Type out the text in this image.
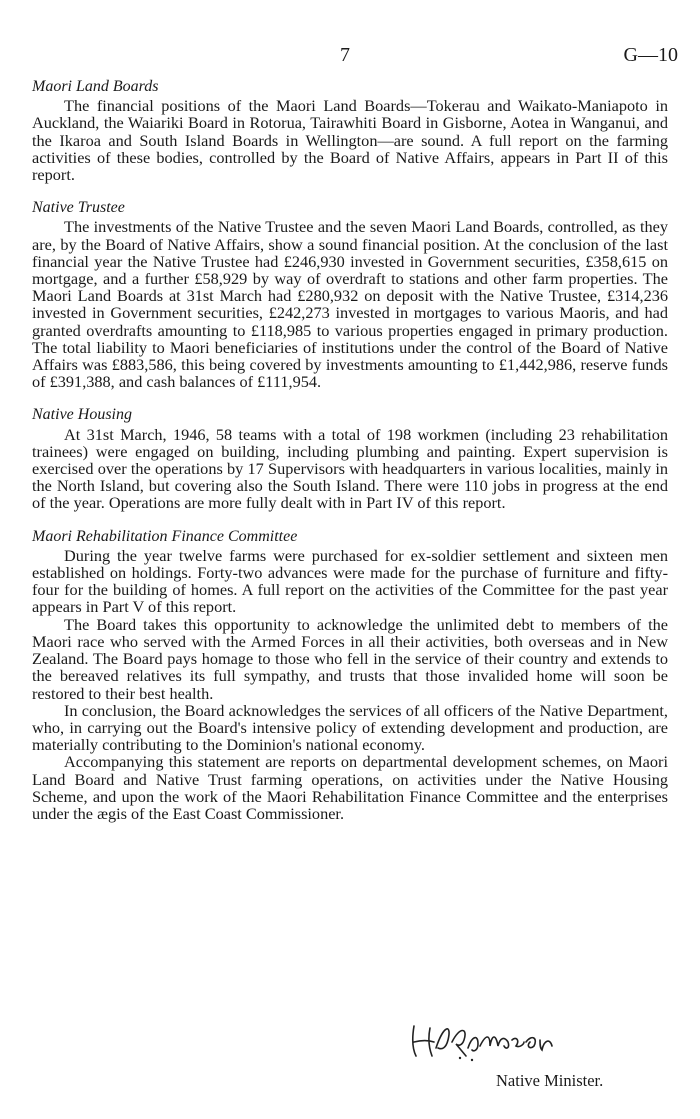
7	G—10

Maori Land Boards

The financial positions of the Maori Land Boards—Tokerau and Waikato-Maniapoto in Auckland, the Waiariki Board in Rotorua, Tairawhiti Board in Gisborne, Aotea in Wanganui, and the Ikaroa and South Island Boards in Wellington—are sound. A full report on the farming activities of these bodies, controlled by the Board of Native Affairs, appears in Part II of this report.

Native Trustee

The investments of the Native Trustee and the seven Maori Land Boards, controlled, as they are, by the Board of Native Affairs, show a sound financial position. At the conclusion of the last financial year the Native Trustee had £246,930 invested in Government securities, £358,615 on mortgage, and a further £58,929 by way of overdraft to stations and other farm properties. The Maori Land Boards at 31st March had £280,932 on deposit with the Native Trustee, £314,236 invested in Government securities, £242,273 invested in mortgages to various Maoris, and had granted overdrafts amounting to £118,985 to various properties engaged in primary production. The total liability to Maori beneficiaries of institutions under the control of the Board of Native Affairs was £883,586, this being covered by investments amounting to £1,442,986, reserve funds of £391,388, and cash balances of £111,954.

Native Housing

At 31st March, 1946, 58 teams with a total of 198 workmen (including 23 rehabilitation trainees) were engaged on building, including plumbing and painting. Expert supervision is exercised over the operations by 17 Supervisors with headquarters in various localities, mainly in the North Island, but covering also the South Island. There were 110 jobs in progress at the end of the year. Operations are more fully dealt with in Part IV of this report.

Maori Rehabilitation Finance Committee

During the year twelve farms were purchased for ex-soldier settlement and sixteen men established on holdings. Forty-two advances were made for the purchase of furniture and fifty-four for the building of homes. A full report on the activities of the Committee for the past year appears in Part V of this report.

The Board takes this opportunity to acknowledge the unlimited debt to members of the Maori race who served with the Armed Forces in all their activities, both overseas and in New Zealand. The Board pays homage to those who fell in the service of their country and extends to the bereaved relatives its full sympathy, and trusts that those invalided home will soon be restored to their best health.

In conclusion, the Board acknowledges the services of all officers of the Native Department, who, in carrying out the Board's intensive policy of extending development and production, are materially contributing to the Dominion's national economy.

Accompanying this statement are reports on departmental development schemes, on Maori Land Board and Native Trust farming operations, on activities under the Native Housing Scheme, and upon the work of the Maori Rehabilitation Finance Committee and the enterprises under the ægis of the East Coast Commissioner.

Native Minister.
